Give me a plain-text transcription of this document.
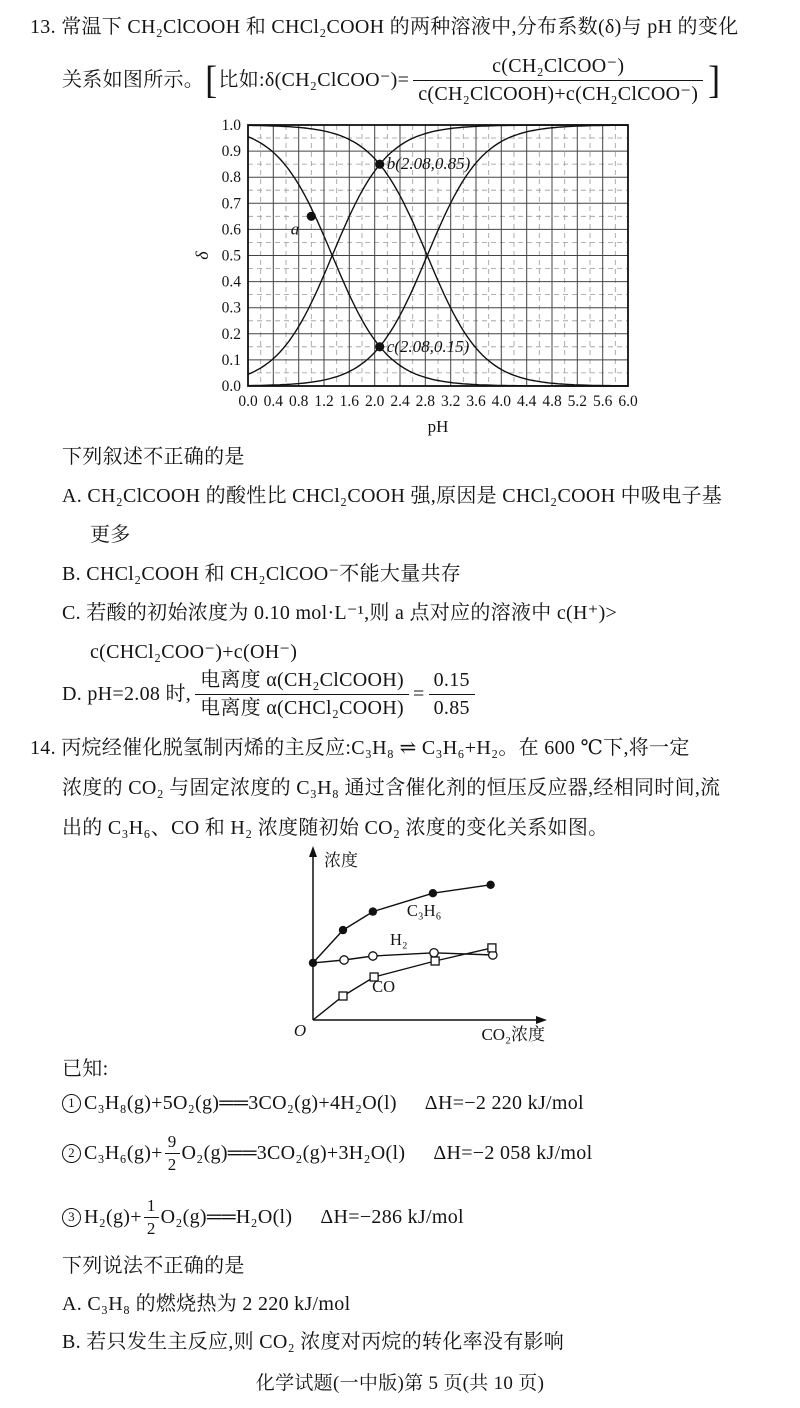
13. 常温下 CH₂ClCOOH 和 CHCl₂COOH 的两种溶液中,分布系数(δ)与 pH 的变化
关系如图所示。 [ 比如:δ(CH₂ClCOO⁻)= $\frac{\text{c(CH₂ClCOO⁻)}}{\text{c(CH₂ClCOOH)+c(CH₂ClCOO⁻)}}$ ]
a
b(2.08,0.85)
c(2.08,0.15)
0.0 0.4 0.8 1.2 1.6 2.0 2.4 2.8 3.2 3.6 4.0 4.4 4.8 5.2 5.6 6.0
0.0
0.1
0.2
0.3
0.4
0.5
0.6
0.7
0.8
0.9
1.0
pH
δ
下列叙述不正确的是
A. CH₂ClCOOH 的酸性比 CHCl₂COOH 强,原因是 CHCl₂COOH 中吸电子基
更多
B. CHCl₂COOH 和 CH₂ClCOO⁻不能大量共存
C. 若酸的初始浓度为 0.10 mol·L⁻¹,则 a 点对应的溶液中 c(H⁺)>
c(CHCl₂COO⁻)+c(OH⁻)
D. pH=2.08 时, $\frac{\text{电离度 α(CH₂ClCOOH)}}{\text{电离度 α(CHCl₂COOH)}} = \frac{0.15}{0.85}$
14. 丙烷经催化脱氢制丙烯的主反应:C₃H₈ ⇌ C₃H₆+H₂。在 600 ℃下,将一定
浓度的 CO₂ 与固定浓度的 C₃H₈ 通过含催化剂的恒压反应器,经相同时间,流
出的 C₃H₆、CO 和 H₂ 浓度随初始 CO₂ 浓度的变化关系如图。
C₃H₆
H₂
CO
浓度
CO₂浓度
O
已知:
1 C₃H₈(g)+5O₂(g)══3CO₂(g)+4H₂O(l) ΔH=−2 220 kJ/mol
2 $C_3H_6(g)+ \frac{9}{2}$ O₂(g)══3CO₂(g)+3H₂O(l) ΔH=−2 058 kJ/mol
3 $H_2(g)+ \frac{1}{2}$ O₂(g)══H₂O(l) ΔH=−286 kJ/mol
下列说法不正确的是
A. C₃H₈ 的燃烧热为 2 220 kJ/mol
B. 若只发生主反应,则 CO₂ 浓度对丙烷的转化率没有影响
化学试题(一中版)第 5 页(共 10 页)
